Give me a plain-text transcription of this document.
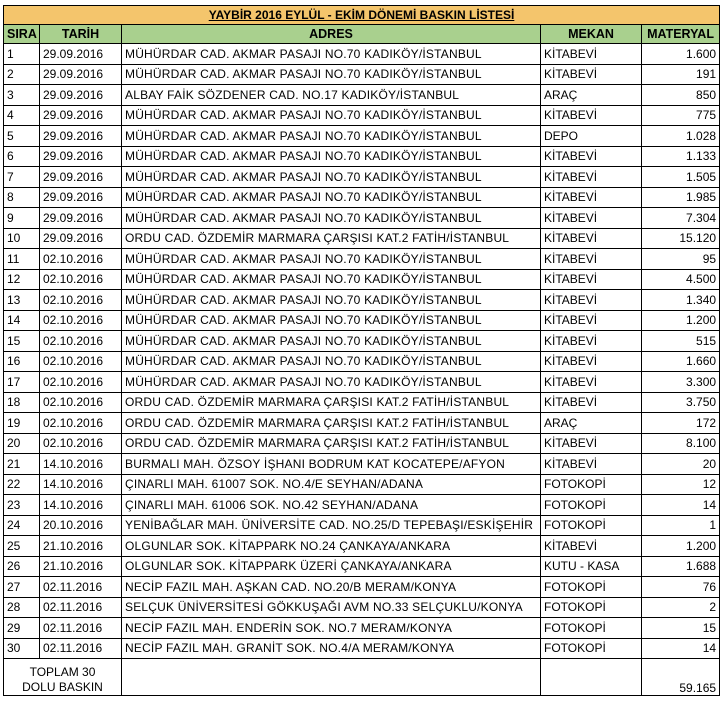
YAYBİR 2016 EYLÜL - EKİM DÖNEMİ BASKIN LİSTESİ				
SIRA	TARİH	ADRES	MEKAN	MATERYAL
1	29.09.2016	MÜHÜRDAR CAD. AKMAR PASAJI NO.70 KADIKÖY/İSTANBUL	KİTABEVİ	1.600
2	29.09.2016	MÜHÜRDAR CAD. AKMAR PASAJI NO.70 KADIKÖY/İSTANBUL	KİTABEVİ	191
3	29.09.2016	ALBAY FAİK SÖZDENER CAD. NO.17 KADIKÖY/İSTANBUL	ARAÇ	850
4	29.09.2016	MÜHÜRDAR CAD. AKMAR PASAJI NO.70 KADIKÖY/İSTANBUL	KİTABEVİ	775
5	29.09.2016	MÜHÜRDAR CAD. AKMAR PASAJI NO.70 KADIKÖY/İSTANBUL	DEPO	1.028
6	29.09.2016	MÜHÜRDAR CAD. AKMAR PASAJI NO.70 KADIKÖY/İSTANBUL	KİTABEVİ	1.133
7	29.09.2016	MÜHÜRDAR CAD. AKMAR PASAJI NO.70 KADIKÖY/İSTANBUL	KİTABEVİ	1.505
8	29.09.2016	MÜHÜRDAR CAD. AKMAR PASAJI NO.70 KADIKÖY/İSTANBUL	KİTABEVİ	1.985
9	29.09.2016	MÜHÜRDAR CAD. AKMAR PASAJI NO.70 KADIKÖY/İSTANBUL	KİTABEVİ	7.304
10	29.09.2016	ORDU CAD. ÖZDEMİR MARMARA ÇARŞISI KAT.2 FATİH/İSTANBUL	KİTABEVİ	15.120
11	02.10.2016	MÜHÜRDAR CAD. AKMAR PASAJI NO.70 KADIKÖY/İSTANBUL	KİTABEVİ	95
12	02.10.2016	MÜHÜRDAR CAD. AKMAR PASAJI NO.70 KADIKÖY/İSTANBUL	KİTABEVİ	4.500
13	02.10.2016	MÜHÜRDAR CAD. AKMAR PASAJI NO.70 KADIKÖY/İSTANBUL	KİTABEVİ	1.340
14	02.10.2016	MÜHÜRDAR CAD. AKMAR PASAJI NO.70 KADIKÖY/İSTANBUL	KİTABEVİ	1.200
15	02.10.2016	MÜHÜRDAR CAD. AKMAR PASAJI NO.70 KADIKÖY/İSTANBUL	KİTABEVİ	515
16	02.10.2016	MÜHÜRDAR CAD. AKMAR PASAJI NO.70 KADIKÖY/İSTANBUL	KİTABEVİ	1.660
17	02.10.2016	MÜHÜRDAR CAD. AKMAR PASAJI NO.70 KADIKÖY/İSTANBUL	KİTABEVİ	3.300
18	02.10.2016	ORDU CAD. ÖZDEMİR MARMARA ÇARŞISI KAT.2 FATİH/İSTANBUL	KİTABEVİ	3.750
19	02.10.2016	ORDU CAD. ÖZDEMİR MARMARA ÇARŞISI KAT.2 FATİH/İSTANBUL	ARAÇ	172
20	02.10.2016	ORDU CAD. ÖZDEMİR MARMARA ÇARŞISI KAT.2 FATİH/İSTANBUL	KİTABEVİ	8.100
21	14.10.2016	BURMALI MAH. ÖZSOY İŞHANI BODRUM KAT KOCATEPE/AFYON	KİTABEVİ	20
22	14.10.2016	ÇINARLI MAH. 61007 SOK. NO.4/E SEYHAN/ADANA	FOTOKOPİ	12
23	14.10.2016	ÇINARLI MAH. 61006 SOK. NO.42 SEYHAN/ADANA	FOTOKOPİ	14
24	20.10.2016	YENİBAĞLAR MAH. ÜNİVERSİTE CAD. NO.25/D TEPEBAŞI/ESKİŞEHİR	FOTOKOPİ	1
25	21.10.2016	OLGUNLAR SOK. KİTAPPARK NO.24 ÇANKAYA/ANKARA	KİTABEVİ	1.200
26	21.10.2016	OLGUNLAR SOK. KİTAPPARK ÜZERİ ÇANKAYA/ANKARA	KUTU - KASA	1.688
27	02.11.2016	NECİP FAZIL MAH. AŞKAN CAD. NO.20/B MERAM/KONYA	FOTOKOPİ	76
28	02.11.2016	SELÇUK ÜNİVERSİTESİ GÖKKUŞAĞI AVM NO.33 SELÇUKLU/KONYA	FOTOKOPİ	2
29	02.11.2016	NECİP FAZIL MAH. ENDERİN SOK. NO.7 MERAM/KONYA	FOTOKOPİ	15
30	02.11.2016	NECİP FAZIL MAH. GRANİT SOK. NO.4/A MERAM/KONYA	FOTOKOPİ	14
TOPLAM 30
DOLU BASKIN				59.165
